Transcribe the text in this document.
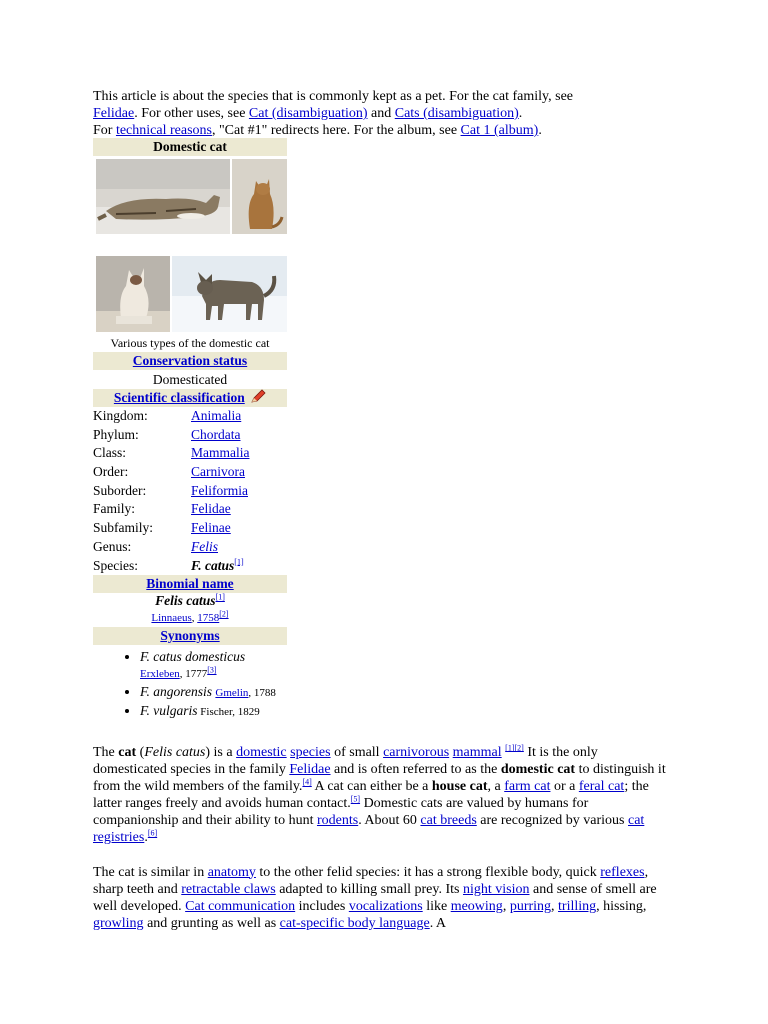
This article is about the species that is commonly kept as a pet. For the cat family, see
Felidae. For other uses, see Cat (disambiguation) and Cats (disambiguation).
For technical reasons, "Cat #1" redirects here. For the album, see Cat 1 (album).
Domestic cat
Various types of the domestic cat
Conservation status
Domesticated
Scientific classification
Kingdom:	Animalia
Phylum:	Chordata
Class:	Mammalia
Order:	Carnivora
Suborder:	Feliformia
Family:	Felidae
Subfamily:	Felinae
Genus:	Felis
Species:	F. catus[1]
Binomial name
Felis catus[1]
Linnaeus, 1758[2]
Synonyms
• F. catus domesticus
Erxleben, 1777[3]
• F. angorensis Gmelin, 1788
• F. vulgaris Fischer, 1829

The cat (Felis catus) is a domestic species of small carnivorous mammal [1][2] It is the only domesticated species in the family Felidae and is often referred to as the domestic cat to distinguish it from the wild members of the family.[4] A cat can either be a house cat, a farm cat or a feral cat; the latter ranges freely and avoids human contact.[5] Domestic cats are valued by humans for companionship and their ability to hunt rodents. About 60 cat breeds are recognized by various cat registries.[6]

The cat is similar in anatomy to the other felid species: it has a strong flexible body, quick reflexes, sharp teeth and retractable claws adapted to killing small prey. Its night vision and sense of smell are well developed. Cat communication includes vocalizations like meowing, purring, trilling, hissing, growling and grunting as well as cat-specific body language. A
